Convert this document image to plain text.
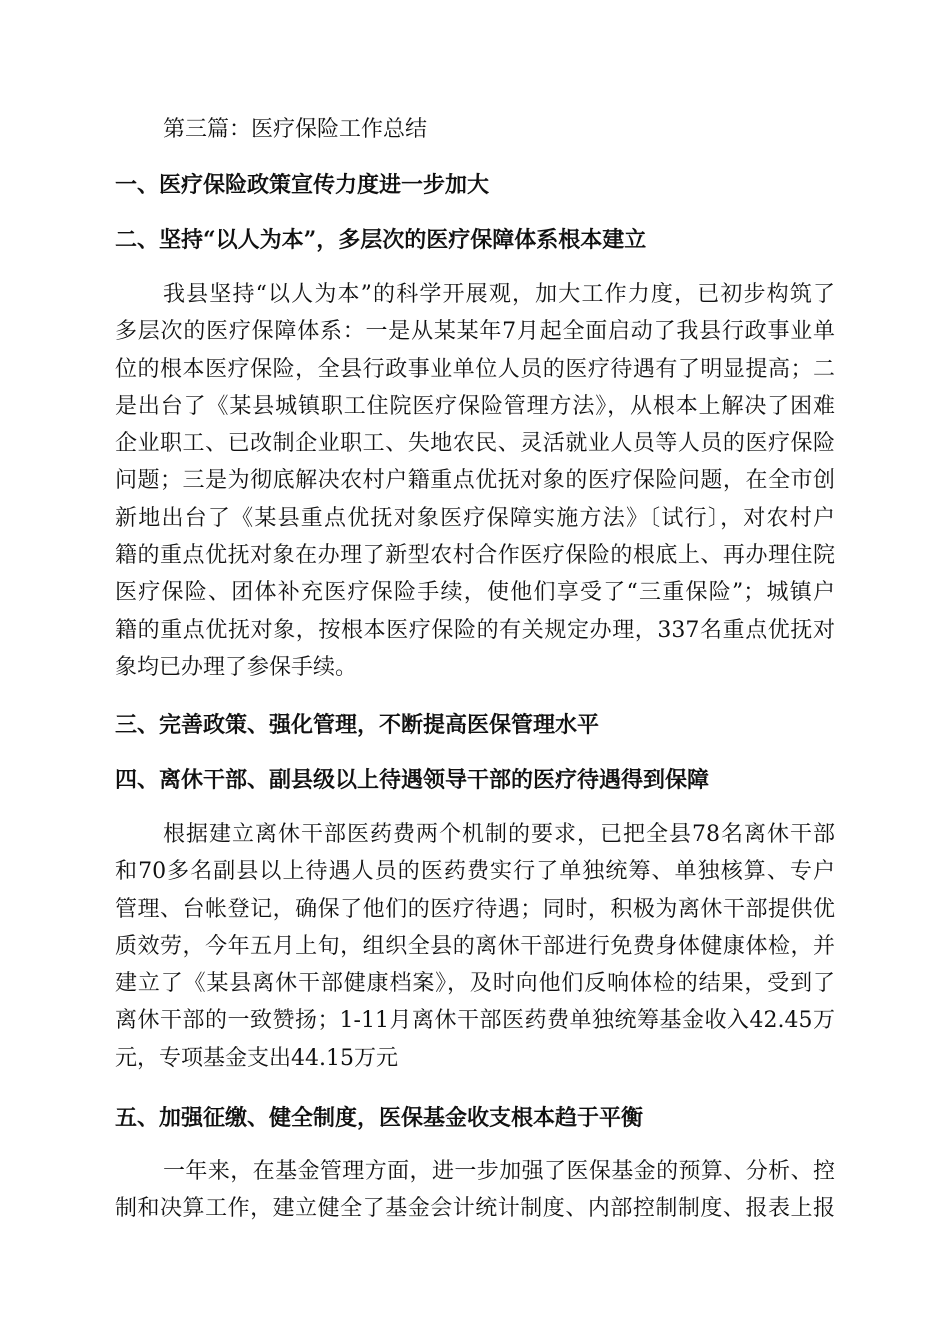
第三篇：医疗保险工作总结
一、医疗保险政策宣传力度进一步加大
二、坚持“以人为本”，多层次的医疗保障体系根本建立
我县坚持“以人为本”的科学开展观，加大工作力度，已初步构筑了
多层次的医疗保障体系：一是从某某年7月起全面启动了我县行政事业单
位的根本医疗保险，全县行政事业单位人员的医疗待遇有了明显提高；二
是出台了《某县城镇职工住院医疗保险管理方法》，从根本上解决了困难
企业职工、已改制企业职工、失地农民、灵活就业人员等人员的医疗保险
问题；三是为彻底解决农村户籍重点优抚对象的医疗保险问题，在全市创
新地出台了《某县重点优抚对象医疗保障实施方法》〔试行〕，对农村户
籍的重点优抚对象在办理了新型农村合作医疗保险的根底上、再办理住院
医疗保险、团体补充医疗保险手续，使他们享受了“三重保险”；城镇户
籍的重点优抚对象，按根本医疗保险的有关规定办理，337名重点优抚对
象均已办理了参保手续。
三、完善政策、强化管理，不断提高医保管理水平
四、离休干部、副县级以上待遇领导干部的医疗待遇得到保障
根据建立离休干部医药费两个机制的要求，已把全县78名离休干部
和70多名副县以上待遇人员的医药费实行了单独统筹、单独核算、专户
管理、台帐登记，确保了他们的医疗待遇；同时，积极为离休干部提供优
质效劳，今年五月上旬，组织全县的离休干部进行免费身体健康体检，并
建立了《某县离休干部健康档案》，及时向他们反响体检的结果，受到了
离休干部的一致赞扬；1-11月离休干部医药费单独统筹基金收入42.45万
元，专项基金支出44.15万元
五、加强征缴、健全制度，医保基金收支根本趋于平衡
一年来，在基金管理方面，进一步加强了医保基金的预算、分析、控
制和决算工作，建立健全了基金会计统计制度、内部控制制度、报表上报
